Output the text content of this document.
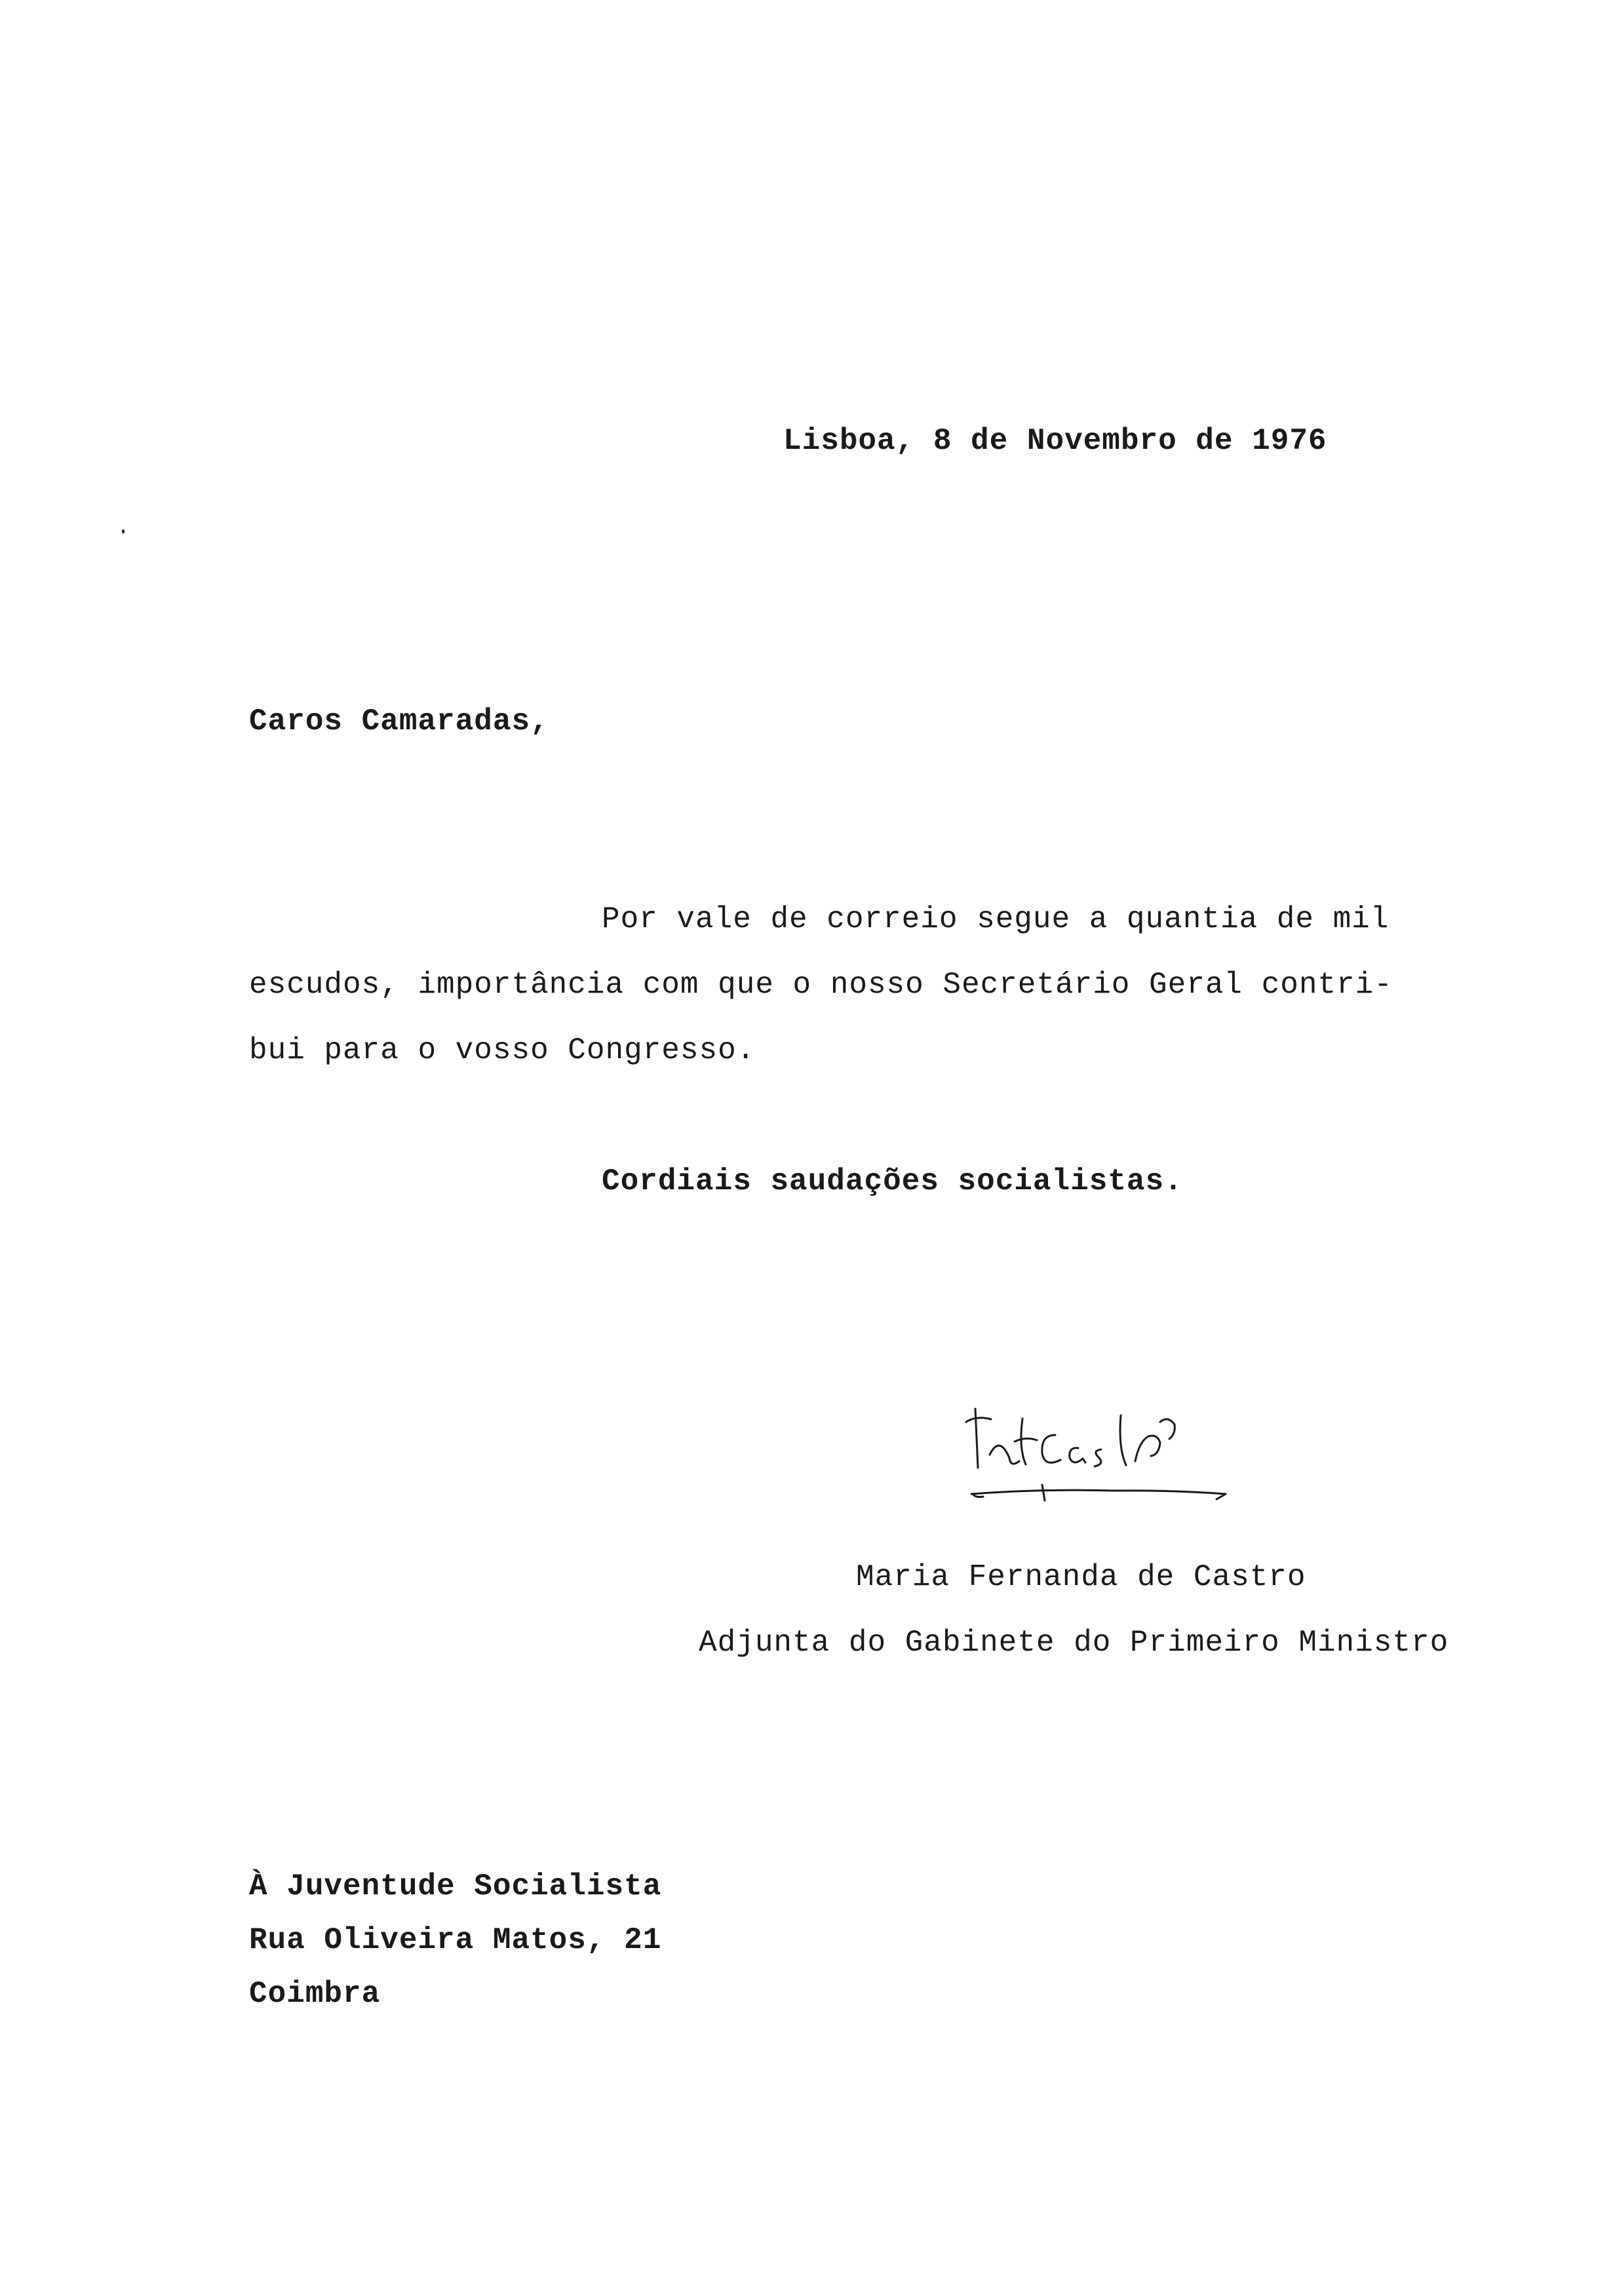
Lisboa, 8 de Novembro de 1976
Caros Camaradas,
Por vale de correio segue a quantia de mil
escudos, importância com que o nosso Secretário Geral contri-
bui para o vosso Congresso.
Cordiais saudações socialistas.
Maria Fernanda de Castro
Adjunta do Gabinete do Primeiro Ministro
À Juventude Socialista
Rua Oliveira Matos, 21
Coimbra
